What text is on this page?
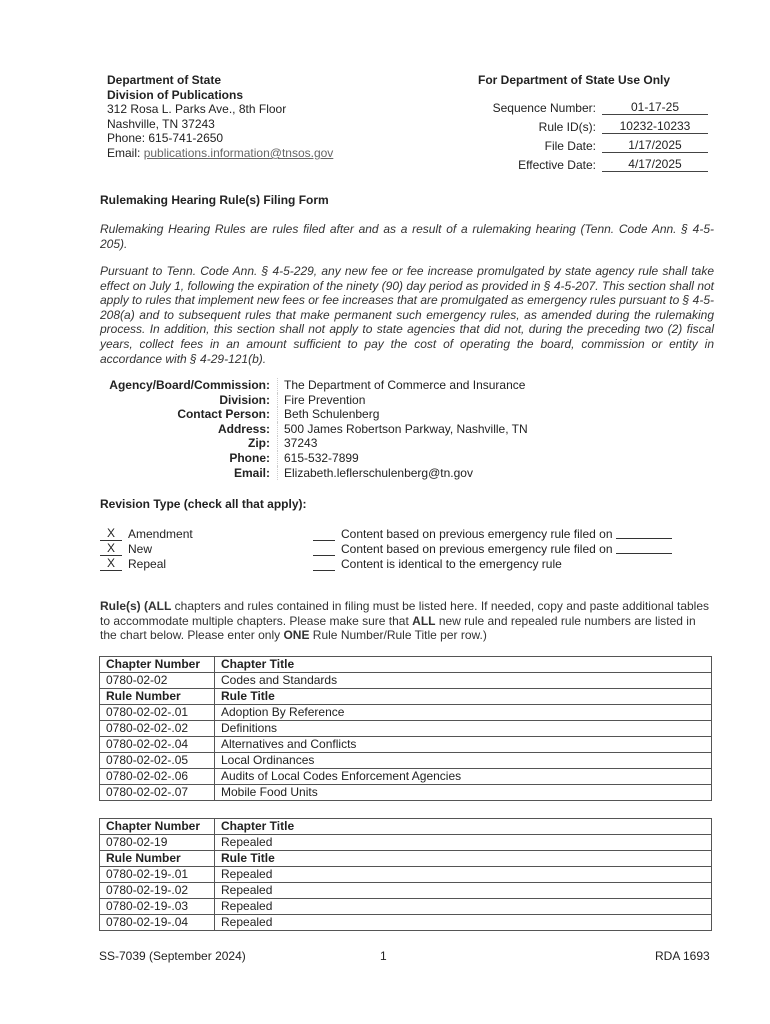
Department of State
Division of Publications
312 Rosa L. Parks Ave., 8th Floor
Nashville, TN 37243
Phone: 615-741-2650
Email: publications.information@tnsos.gov
For Department of State Use Only
Sequence Number:	01-17-25
Rule ID(s):	10232-10233
File Date:	1/17/2025
Effective Date:	4/17/2025
Rulemaking Hearing Rule(s) Filing Form
Rulemaking Hearing Rules are rules filed after and as a result of a rulemaking hearing (Tenn. Code Ann. § 4-5-205).
Pursuant to Tenn. Code Ann. § 4-5-229, any new fee or fee increase promulgated by state agency rule shall take effect on July 1, following the expiration of the ninety (90) day period as provided in § 4-5-207. This section shall not apply to rules that implement new fees or fee increases that are promulgated as emergency rules pursuant to § 4-5-208(a) and to subsequent rules that make permanent such emergency rules, as amended during the rulemaking process. In addition, this section shall not apply to state agencies that did not, during the preceding two (2) fiscal years, collect fees in an amount sufficient to pay the cost of operating the board, commission or entity in accordance with § 4-29-121(b).
Agency/Board/Commission:	The Department of Commerce and Insurance
Division:	Fire Prevention
Contact Person:	Beth Schulenberg
Address:	500 James Robertson Parkway, Nashville, TN
Zip:	37243
Phone:	615-532-7899
Email:	Elizabeth.leflerschulenberg@tn.gov
Revision Type (check all that apply):
X	Amendment
X	New
X	Repeal
Content based on previous emergency rule filed on
Content based on previous emergency rule filed on
Content is identical to the emergency rule
Rule(s) (ALL chapters and rules contained in filing must be listed here. If needed, copy and paste additional tables to accommodate multiple chapters. Please make sure that ALL new rule and repealed rule numbers are listed in the chart below. Please enter only ONE Rule Number/Rule Title per row.)
Chapter Number	Chapter Title
0780-02-02	Codes and Standards
Rule Number	Rule Title
0780-02-02-.01	Adoption By Reference
0780-02-02-.02	Definitions
0780-02-02-.04	Alternatives and Conflicts
0780-02-02-.05	Local Ordinances
0780-02-02-.06	Audits of Local Codes Enforcement Agencies
0780-02-02-.07	Mobile Food Units
Chapter Number	Chapter Title
0780-02-19	Repealed
Rule Number	Rule Title
0780-02-19-.01	Repealed
0780-02-19-.02	Repealed
0780-02-19-.03	Repealed
0780-02-19-.04	Repealed
SS-7039 (September 2024)	1	RDA 1693
